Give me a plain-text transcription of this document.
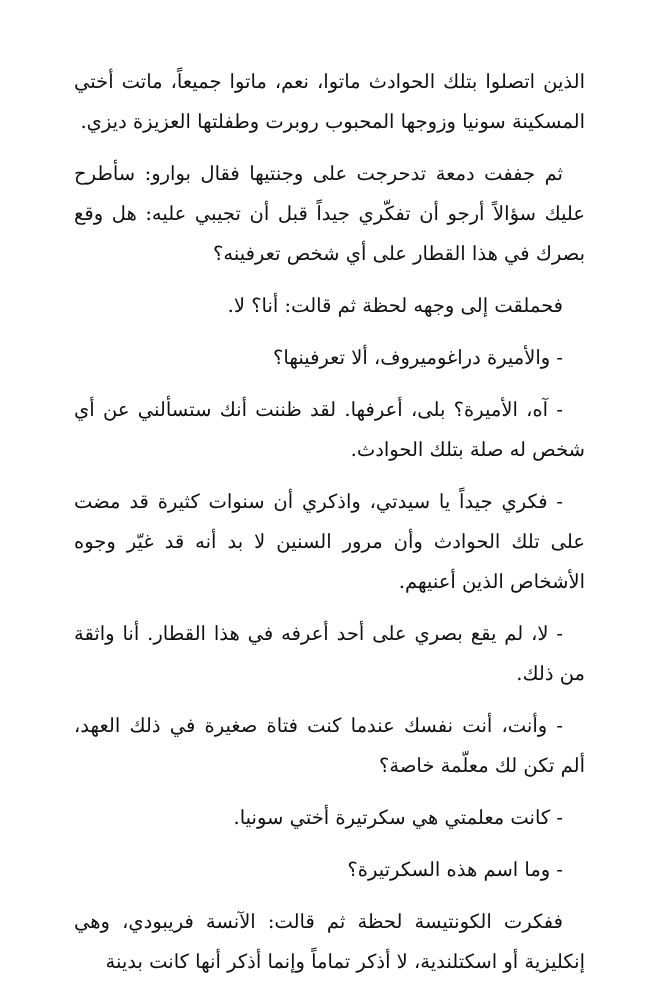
الذين اتصلوا بتلك الحوادث ماتوا، نعم، ماتوا جميعاً، ماتت أختي المسكينة سونيا وزوجها المحبوب روبرت وطفلتها العزيزة ديزي.

ثم جففت دمعة تدحرجت على وجنتيها فقال بوارو: سأطرح عليك سؤالاً أرجو أن تفكّري جيداً قبل أن تجيبي عليه: هل وقع بصرك في هذا القطار على أي شخص تعرفينه؟

فحملقت إلى وجهه لحظة ثم قالت: أنا؟ لا.

- والأميرة دراغوميروف، ألا تعرفينها؟

- آه، الأميرة؟ بلى، أعرفها. لقد ظننت أنك ستسألني عن أي شخص له صلة بتلك الحوادث.

- فكري جيداً يا سيدتي، واذكري أن سنوات كثيرة قد مضت على تلك الحوادث وأن مرور السنين لا بد أنه قد غيّر وجوه الأشخاص الذين أعنيهم.

- لا، لم يقع بصري على أحد أعرفه في هذا القطار. أنا واثقة من ذلك.

- وأنت، أنت نفسك عندما كنت فتاة صغيرة في ذلك العهد، ألم تكن لك معلّمة خاصة؟

- كانت معلمتي هي سكرتيرة أختي سونيا.

- وما اسم هذه السكرتيرة؟

ففكرت الكونتيسة لحظة ثم قالت: الآنسة فريبودي، وهي إنكليزية أو اسكتلندية، لا أذكر تماماً وإنما أذكر أنها كانت بدينة
